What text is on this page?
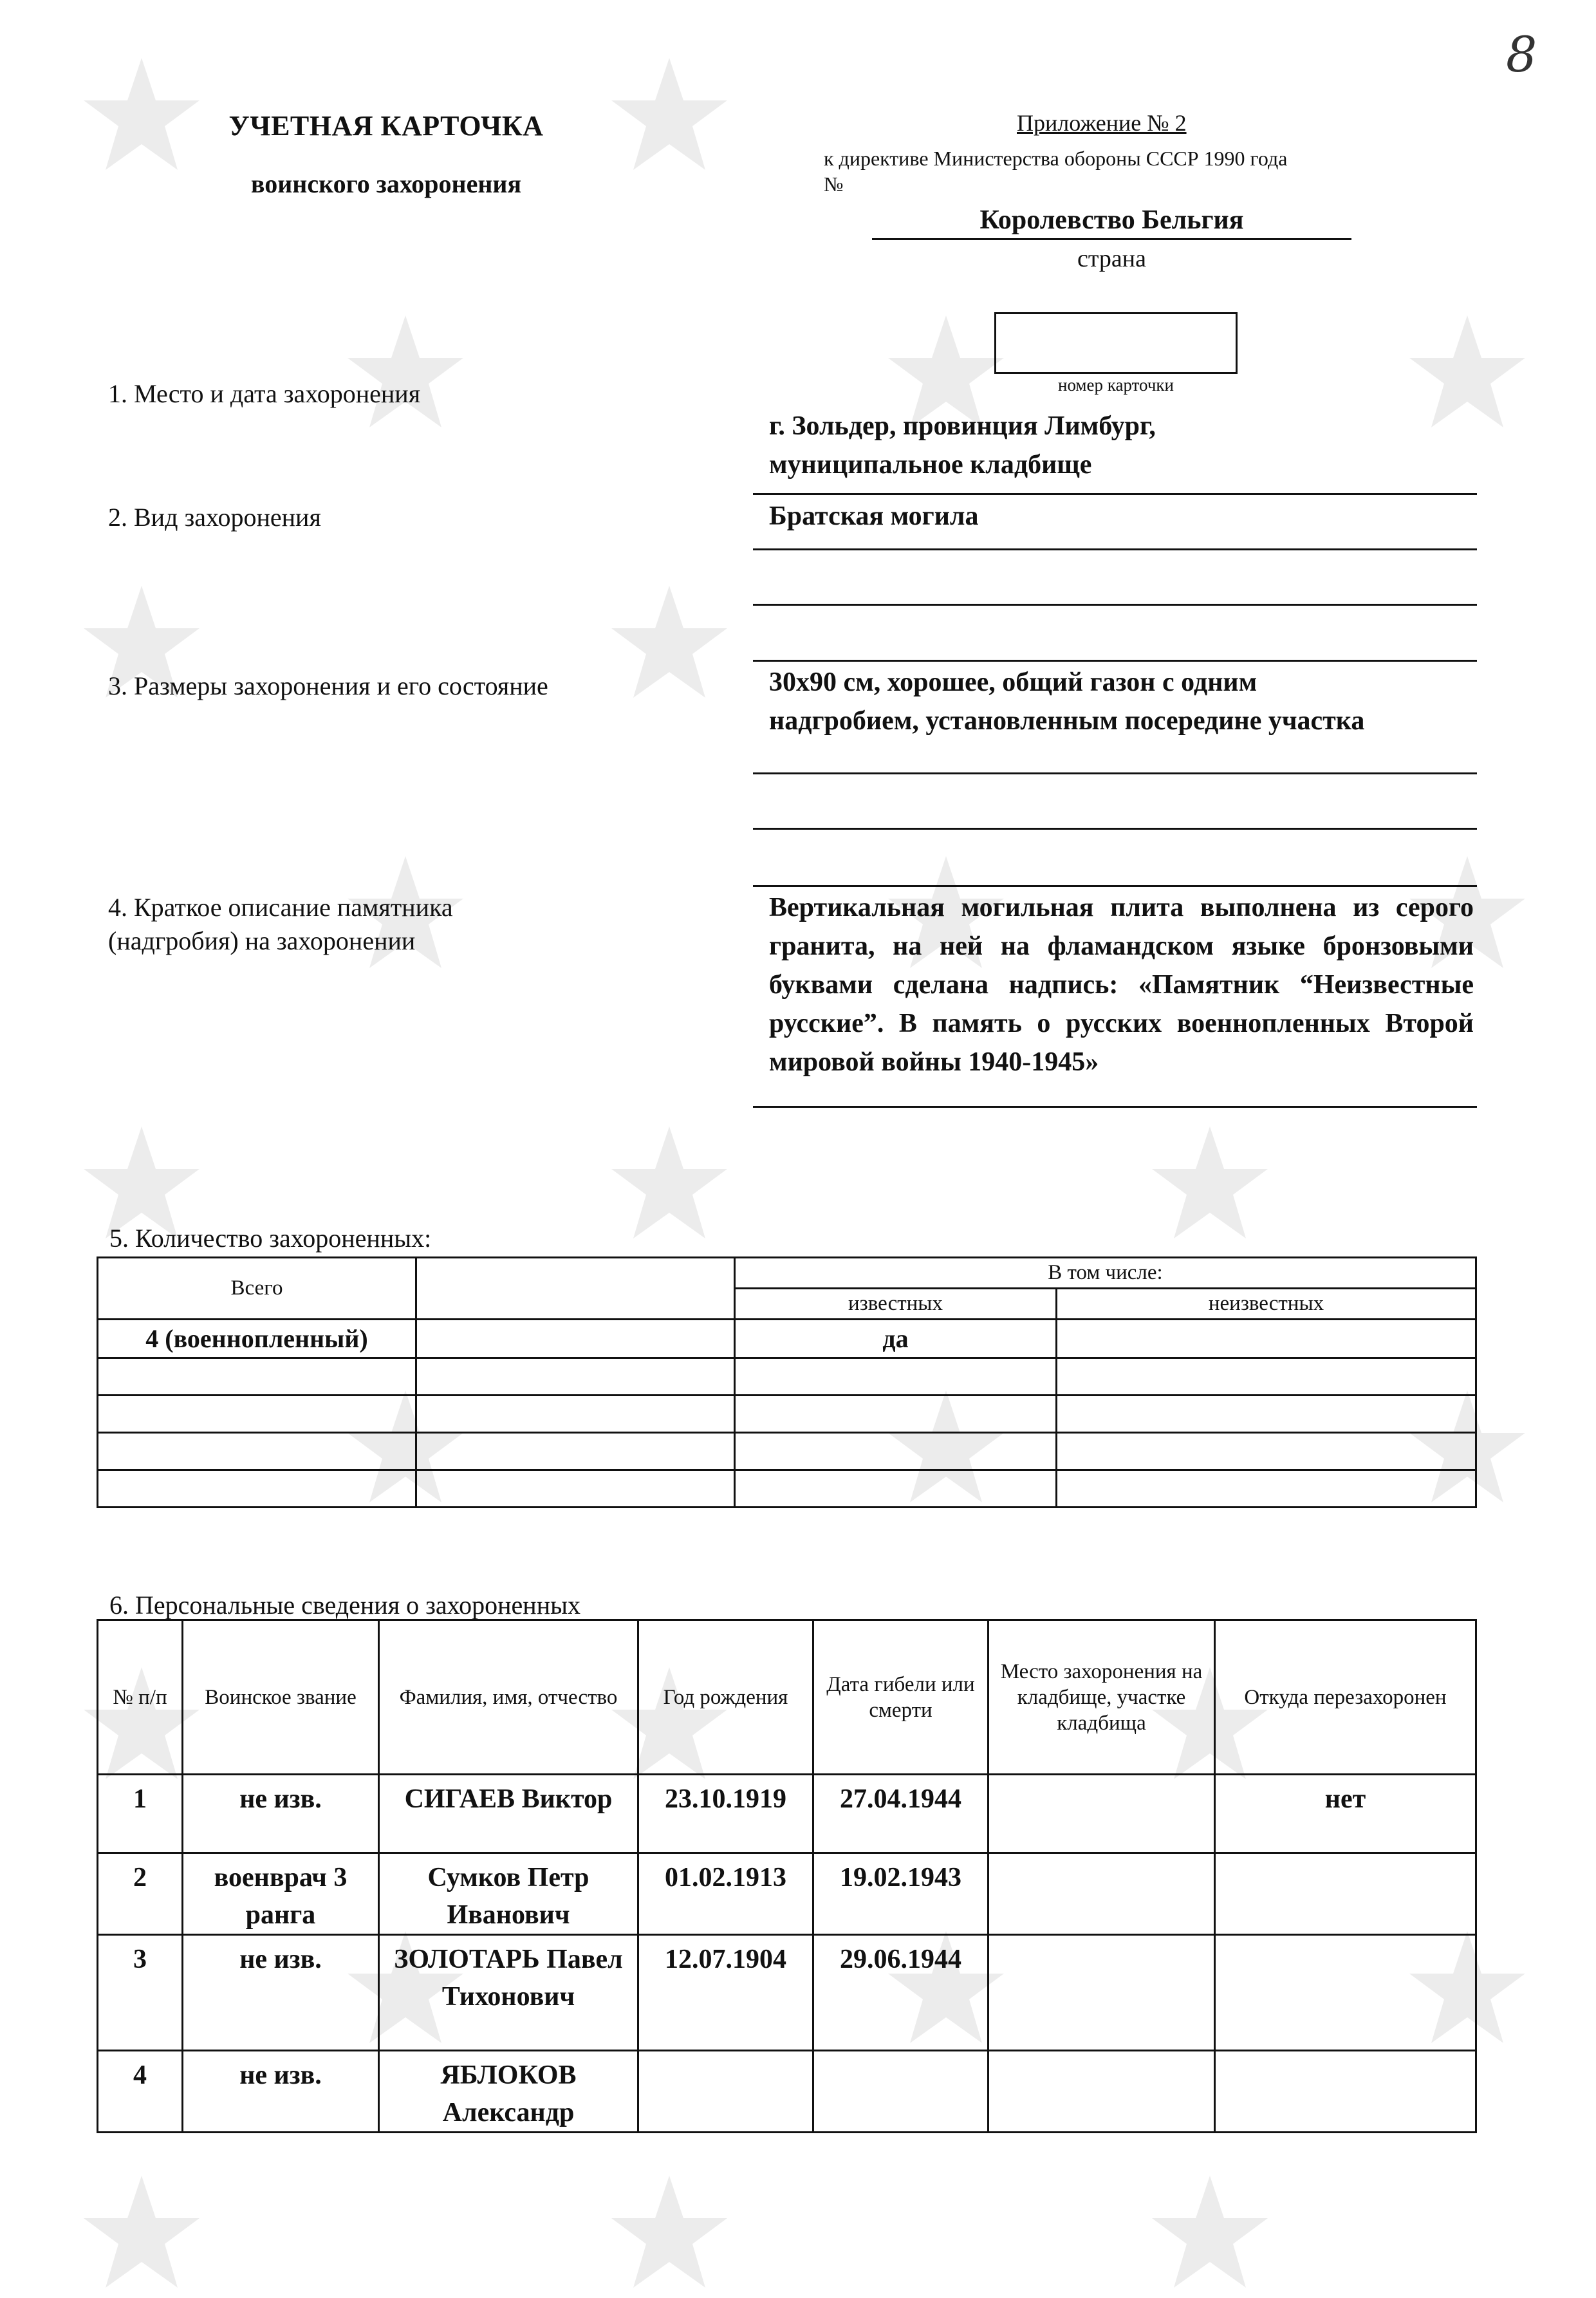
8
УЧЕТНАЯ КАРТОЧКА
воинского захоронения
Приложение № 2
к директиве Министерства обороны СССР 1990 года
№
Королевство Бельгия
страна
номер карточки
1. Место и дата захоронения
г. Зольдер, провинция Лимбург,
муниципальное кладбище
2. Вид захоронения	Братская могила
3. Размеры захоронения и его состояние	30х90 см, хорошее, общий газон с одним надгробием, установленным посередине участка
4. Краткое описание памятника
(надгробия) на захоронении
Вертикальная могильная плита выполнена из серого гранита, на ней на фламандском языке бронзовыми буквами сделана надпись: «Памятник “Неизвестные русские”. В память о русских военнопленных Второй мировой войны 1940-1945»
5. Количество захороненных:
Всего		В том числе:	
		известных	неизвестных
4 (военнопленный)		да	

6. Персональные сведения о захороненных
№ п/п	Воинское звание	Фамилия, имя, отчество	Год рождения	Дата гибели или смерти	Место захоронения на кладбище, участке кладбища	Откуда перезахоронен
1	не изв.	СИГАЕВ Виктор	23.10.1919	27.04.1944		нет
2	военврач 3 ранга	Сумков Петр Иванович	01.02.1913	19.02.1943		
3	не изв.	ЗОЛОТАРЬ Павел Тихонович	12.07.1904	29.06.1944		
4	не изв.	ЯБЛОКОВ Александр				
